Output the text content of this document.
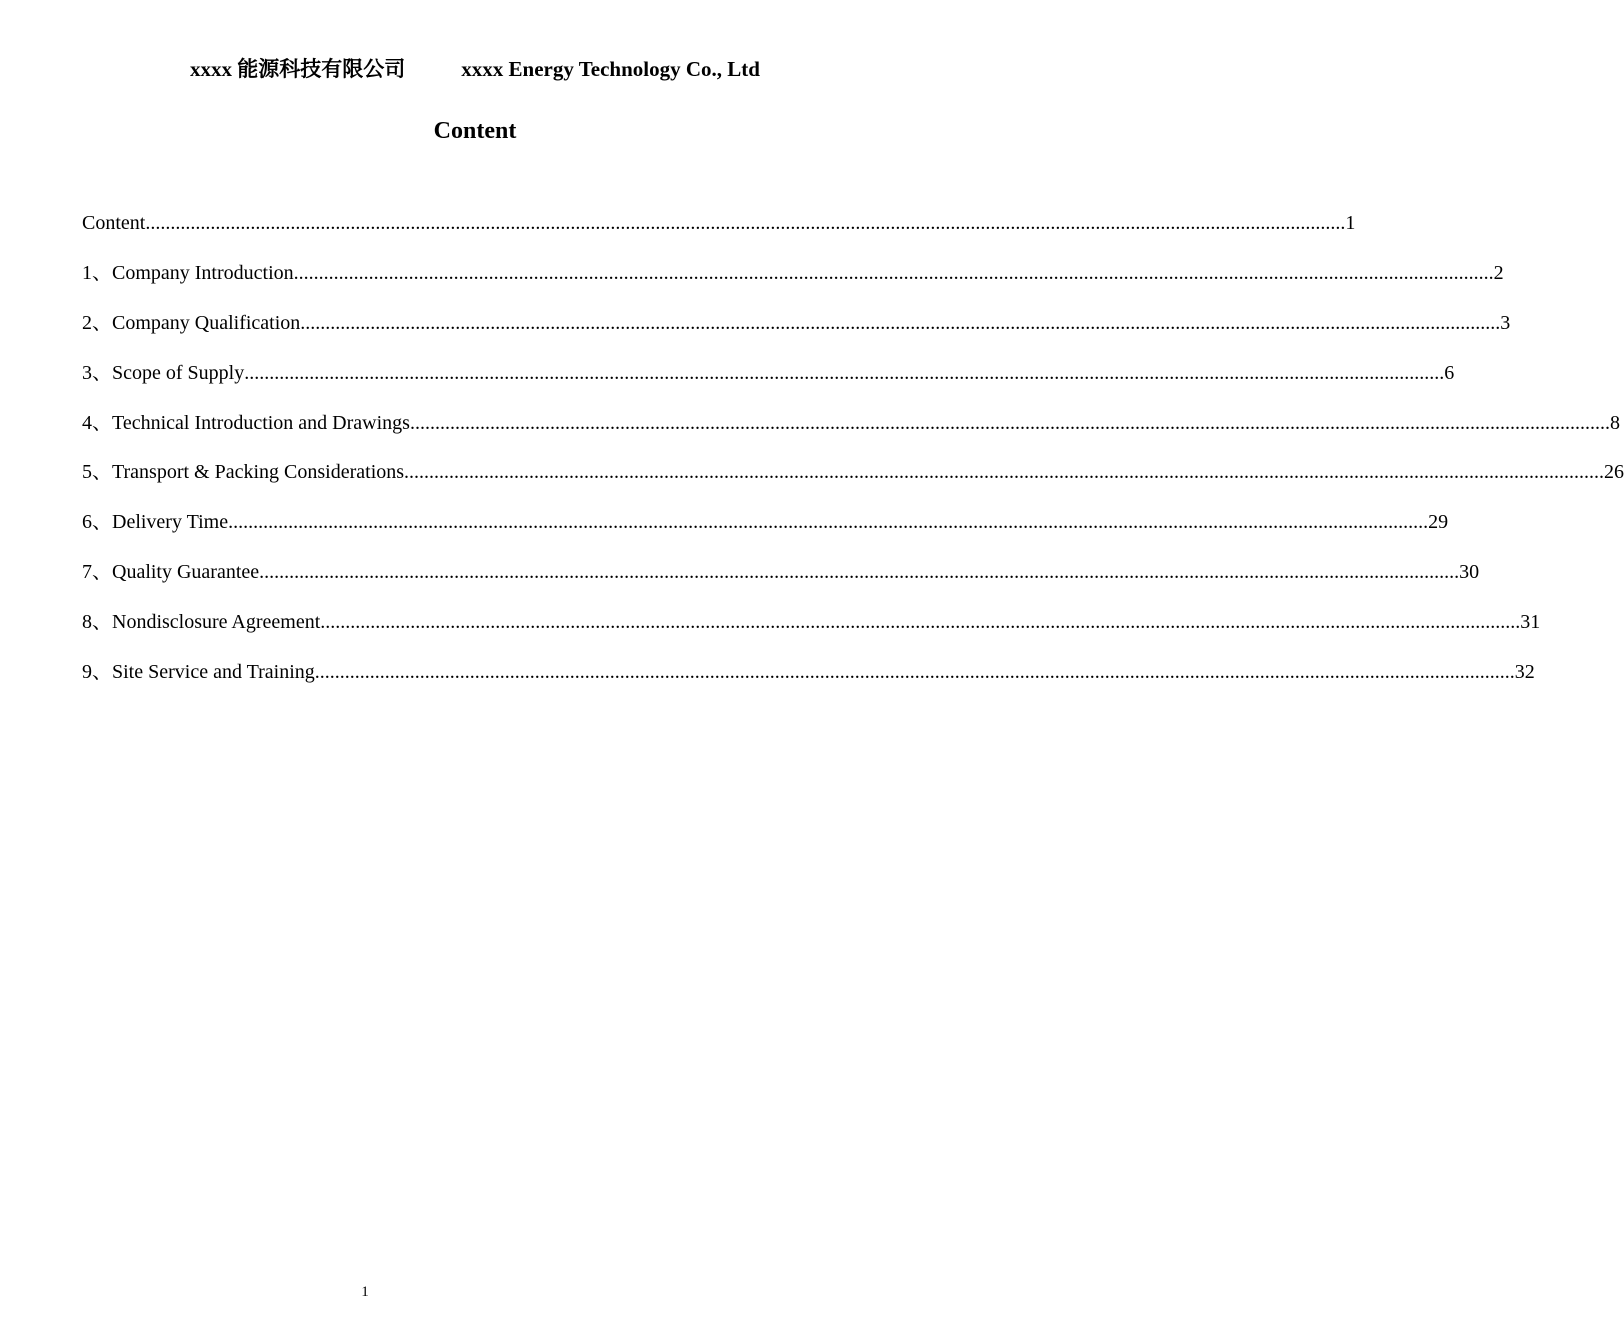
xxxx 能源科技有限公司	xxxx Energy Technology Co., Ltd
Content
Content ................................................................................................................................................................................................................................................ 1
1、Company Introduction ................................................................................................................................................................................................................................................ 2
2、Company Qualification ................................................................................................................................................................................................................................................ 3
3、Scope of Supply ................................................................................................................................................................................................................................................ 6
4、Technical Introduction and Drawings ................................................................................................................................................................................................................................................ 8
5、Transport & Packing Considerations ................................................................................................................................................................................................................................................ 26
6、Delivery Time ................................................................................................................................................................................................................................................ 29
7、Quality Guarantee ................................................................................................................................................................................................................................................ 30
8、Nondisclosure Agreement ................................................................................................................................................................................................................................................ 31
9、Site Service and Training ................................................................................................................................................................................................................................................ 32
1
